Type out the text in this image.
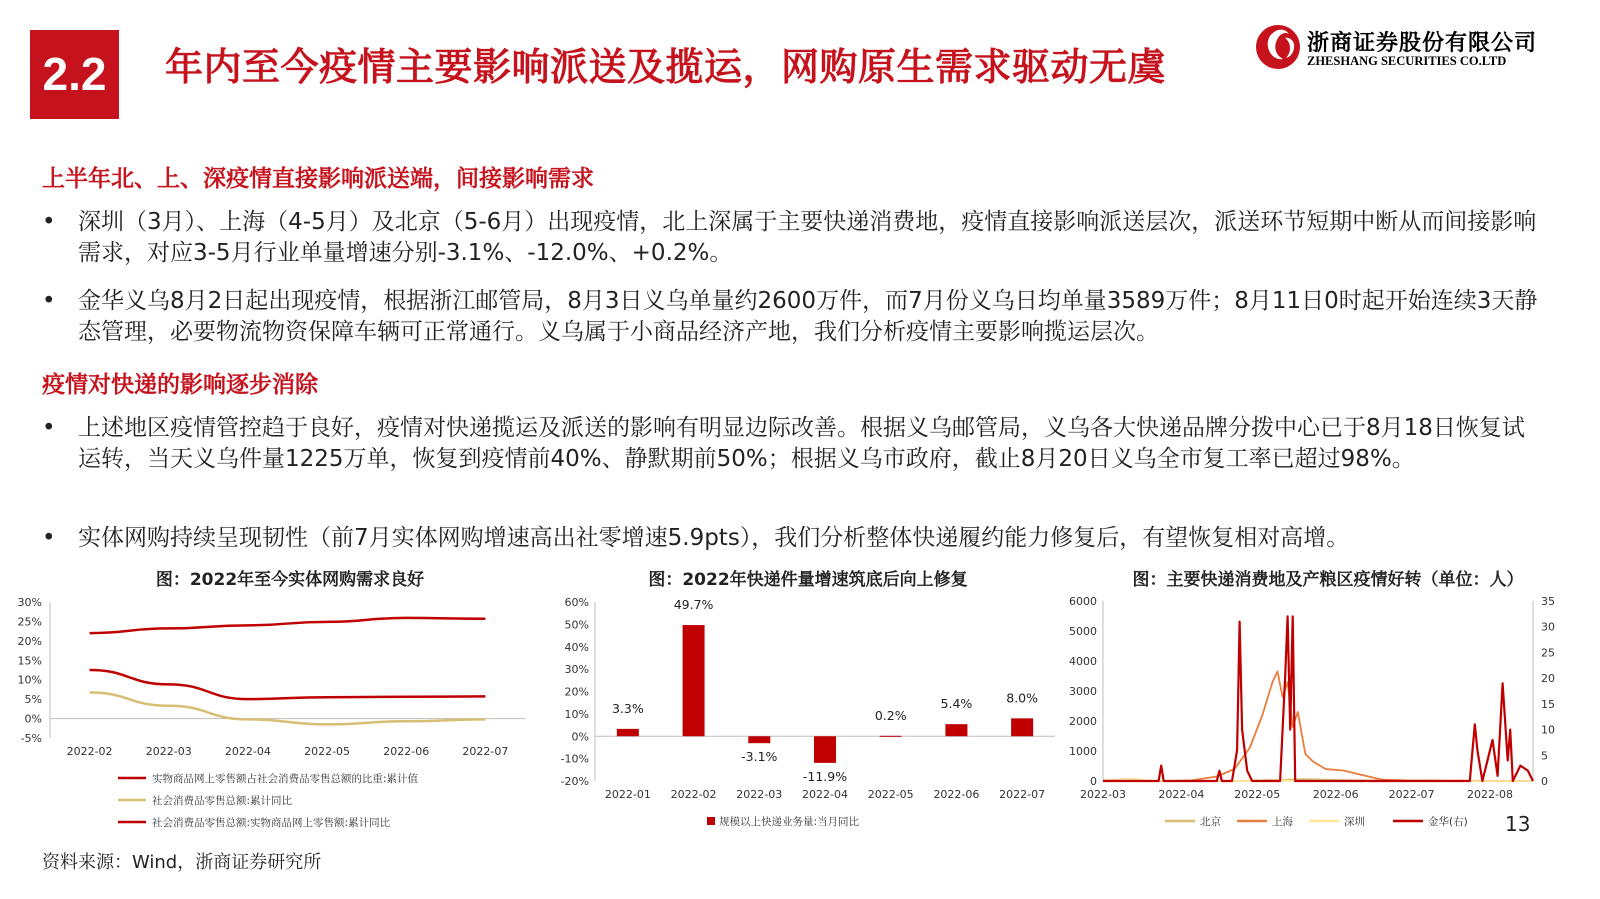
2.2	年内至今疫情主要影响派送及揽运，网购原生需求驱动无虞
浙商证券股份有限公司
ZHESHANG SECURITIES CO.LTD
上半年北、上、深疫情直接影响派送端，间接影响需求
• 深圳（3月）、上海（4-5月）及北京（5-6月）出现疫情，北上深属于主要快递消费地，疫情直接影响派送层次，派送环节短期中断从而间接影响需求，对应3-5月行业单量增速分别-3.1%、-12.0%、+0.2%。
• 金华义乌8月2日起出现疫情，根据浙江邮管局，8月3日义乌单量约2600万件，而7月份义乌日均单量3589万件；8月11日0时起开始连续3天静态管理，必要物流物资保障车辆可正常通行。义乌属于小商品经济产地，我们分析疫情主要影响揽运层次。
疫情对快递的影响逐步消除
• 上述地区疫情管控趋于良好，疫情对快递揽运及派送的影响有明显边际改善。根据义乌邮管局，义乌各大快递品牌分拨中心已于8月18日恢复试运转，当天义乌件量1225万单，恢复到疫情前40%、静默期前50%；根据义乌市政府，截止8月20日义乌全市复工率已超过98%。
• 实体网购持续呈现韧性（前7月实体网购增速高出社零增速5.9pts），我们分析整体快递履约能力修复后，有望恢复相对高增。
图：2022年至今实体网购需求良好	图：2022年快递件量增速筑底后向上修复	图：主要快递消费地及产粮区疫情好转（单位：人）
30%
25%
20%
15%
10%
5%
0%
-5%
2022-02	2022-03	2022-04	2022-05	2022-06	2022-07
实物商品网上零售额占社会消费品零售总额的比重:累计值
社会消费品零售总额:累计同比
社会消费品零售总额:实物商品网上零售额:累计同比
60%
50%
40%
30%
20%
10%
0%
-10%
-20%
3.3%
49.7%
-3.1%
-11.9%
0.2%
5.4%	8.0%
2022-01 2022-02 2022-03 2022-04 2022-05 2022-06 2022-07
规模以上快递业务量:当月同比
6000
5000
4000
3000
2000
1000
0
35
30
25
20
15
10
5
0
2022-03	2022-04	2022-05	2022-06	2022-07	2022-08
北京	上海	深圳	金华(右) 13
资料来源：Wind，浙商证券研究所
